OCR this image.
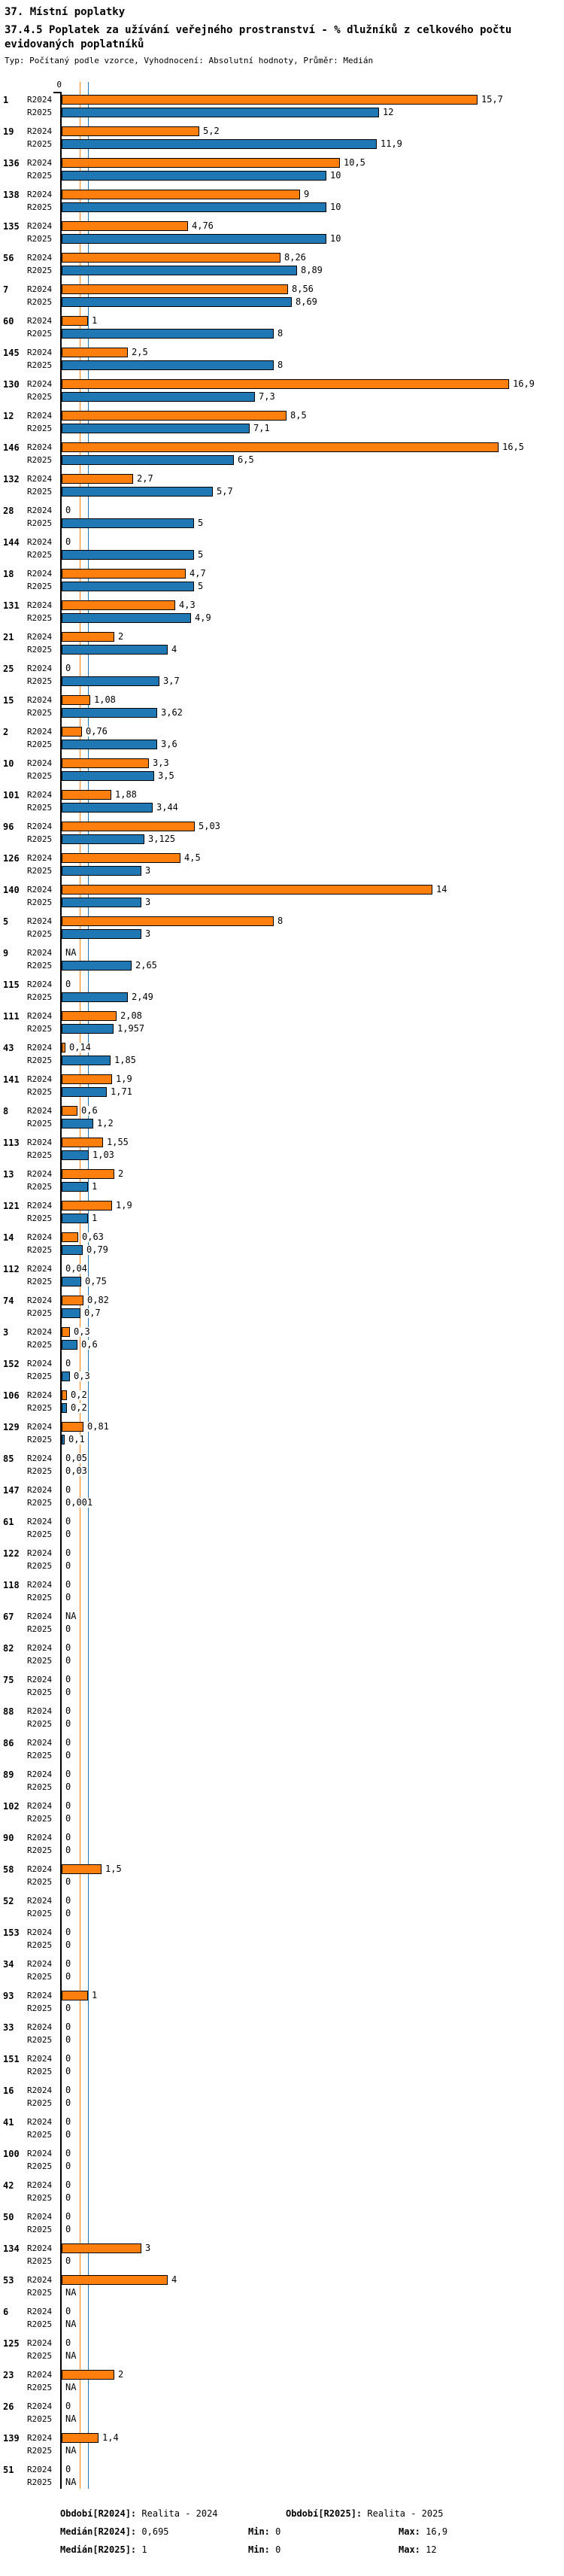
37. Místní poplatky
37.4.5 Poplatek za užívání veřejného prostranství - % dlužníků z celkového počtu
evidovaných poplatníků
Typ: Počítaný podle vzorce, Vyhodnocení: Absolutní hodnoty, Průměr: Medián
0
1	R2024	15,7
R2025	12
19	R2024	5,2
R2025	11,9
136 R2024	10,5
R2025	10
138 R2024	9
R2025	10
135 R2024	4,76
R2025	10
56	R2024	8,26
R2025	8,89
7	R2024	8,56
R2025	8,69
60	R2024	1
R2025	8
145 R2024	2,5
R2025	8
130 R2024	16,9
R2025	7,3
12	R2024	8,5
R2025	7,1
146 R2024	16,5
R2025	6,5
132 R2024	2,7
R2025	5,7
28	R2024 0
R2025	5
144 R2024 0
R2025	5
18	R2024	4,7
R2025	5
131 R2024	4,3
R2025	4,9
21	R2024	2
R2025	4
25	R2024 0
R2025	3,7
15	R2024	1,08
R2025	3,62
2	R2024	0,76
R2025	3,6
10	R2024	3,3
R2025	3,5
101 R2024	1,88
R2025	3,44
96	R2024	5,03
R2025	3,125
126 R2024	4,5
R2025	3
140 R2024	14
R2025	3
5	R2024	8
R2025	3
9	R2024 NA
R2025	2,65
115 R2024 0
R2025	2,49
111 R2024	2,08
R2025	1,957
43	R2024 0,14
R2025	1,85
141 R2024	1,9
R2025	1,71
8	R2024	0,6
R2025	1,2
113 R2024	1,55
R2025	1,03
13	R2024	2
R2025	1
121 R2024	1,9
R2025	1
14	R2024	0,63
R2025	0,79
112 R2024 0,04
R2025	0,75
74	R2024	0,82
R2025	0,7
3	R2024 0,3
R2025	0,6
152 R2024 0
R2025 0,3
106 R2024 0,2
R2025 0,2
129 R2024	0,81
R2025 0,1
85	R2024 0,05
R2025 0,03
147 R2024 0
R2025 0,001
61	R2024 0
R2025 0
122 R2024 0
R2025 0
118 R2024 0
R2025 0
67	R2024 NA
R2025 0
82	R2024 0
R2025 0
75	R2024 0
R2025 0
88	R2024 0
R2025 0
86	R2024 0
R2025 0
89	R2024 0
R2025 0
102 R2024 0
R2025 0
90	R2024 0
R2025 0
58	R2024	1,5
R2025 0
52	R2024 0
R2025 0
153 R2024 0
R2025 0
34	R2024 0
R2025 0
93	R2024	1
R2025 0
33	R2024 0
R2025 0
151 R2024 0
R2025 0
16	R2024 0
R2025 0
41	R2024 0
R2025 0
100 R2024 0
R2025 0
42	R2024 0
R2025 0
50	R2024 0
R2025 0
134 R2024	3
R2025 0
53	R2024	4
R2025 NA
6	R2024 0
R2025 NA
125 R2024 0
R2025 NA
23	R2024	2
R2025 NA
26	R2024 0
R2025 NA
139 R2024	1,4
R2025 NA
51	R2024 0
R2025 NA
Období[R2024]: Realita - 2024	Období[R2025]: Realita - 2025
Medián[R2024]: 0,695	Min: 0	Max: 16,9
Medián[R2025]: 1	Min: 0	Max: 12
